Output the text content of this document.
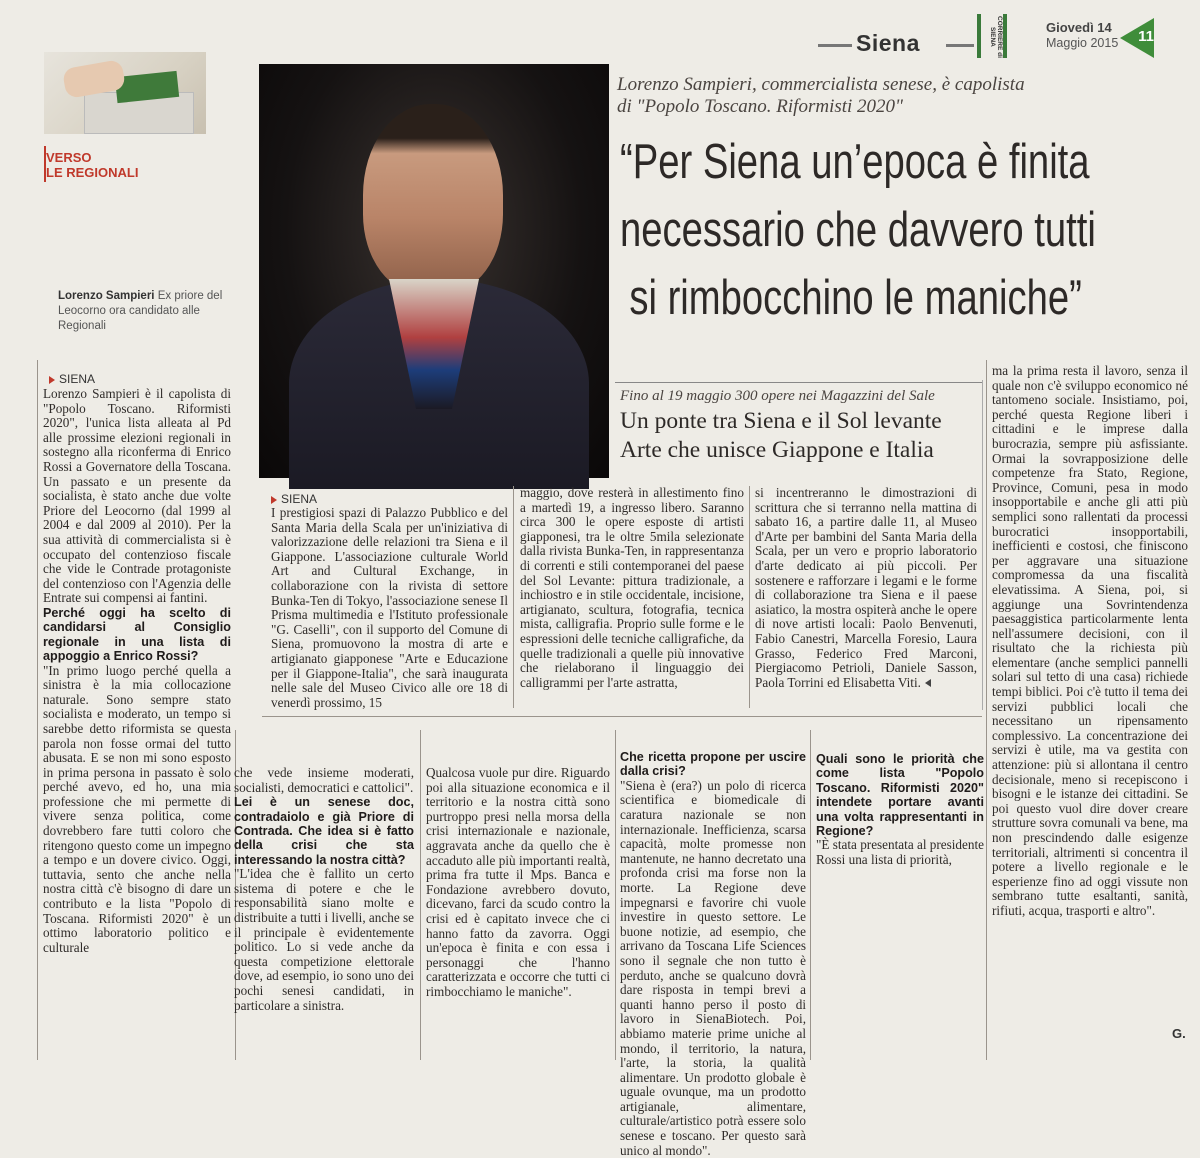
Siena	CORRIERE di SIENA	Giovedì 14
Maggio 2015	11
VERSO
LE REGIONALI
Lorenzo Sampieri Ex priore del Leocorno ora candidato alle Regionali
Lorenzo Sampieri, commercialista senese, è capolista
di "Popolo Toscano. Riformisti 2020"
“Per Siena un’epoca è finita
necessario che davvero tutti
si rimbocchino le maniche”
Fino al 19 maggio 300 opere nei Magazzini del Sale
Un ponte tra Siena e il Sol levante
Arte che unisce Giappone e Italia
SIENA

I prestigiosi spazi di Palazzo Pubblico e del Santa Maria della Scala per un'iniziativa di valorizzazione delle relazioni tra Siena e il Giappone. L'associazione culturale World Art and Cultural Exchange, in collaborazione con la rivista di settore Bunka-Ten di Tokyo, l'associazione senese Il Prisma multimedia e l'Istituto professionale "G. Caselli", con il supporto del Comune di Siena, promuovono la mostra di arte e artigianato giapponese "Arte e Educazione per il Giappone-Italia", che sarà inaugurata nelle sale del Museo Civico alle ore 18 di venerdì prossimo, 15

maggio, dove resterà in allestimento fino a martedì 19, a ingresso libero. Saranno circa 300 le opere esposte di artisti giapponesi, tra le oltre 5mila selezionate dalla rivista Bunka-Ten, in rappresentanza di correnti e stili contemporanei del paese del Sol Levante: pittura tradizionale, a inchiostro e in stile occidentale, incisione, artigianato, scultura, fotografia, tecnica mista, calligrafia. Proprio sulle forme e le espressioni delle tecniche calligrafiche, da quelle tradizionali a quelle più innovative che rielaborano il linguaggio dei calligrammi per l'arte astratta,

si incentreranno le dimostrazioni di scrittura che si terranno nella mattina di sabato 16, a partire dalle 11, al Museo d'Arte per bambini del Santa Maria della Scala, per un vero e proprio laboratorio d'arte dedicato ai più piccoli. Per sostenere e rafforzare i legami e le forme di collaborazione tra Siena e il paese asiatico, la mostra ospiterà anche le opere di nove artisti locali: Paolo Benvenuti, Fabio Canestri, Marcella Foresio, Laura Grasso, Federico Fred Marconi, Piergiacomo Petrioli, Daniele Sasson, Paola Torrini ed Elisabetta Viti.

SIENA

Lorenzo Sampieri è il capolista di "Popolo Toscano. Riformisti 2020", l'unica lista alleata al Pd alle prossime elezioni regionali in sostegno alla riconferma di Enrico Rossi a Governatore della Toscana. Un passato e un presente da socialista, è stato anche due volte Priore del Leocorno (dal 1999 al 2004 e dal 2009 al 2010). Per la sua attività di commercialista si è occupato del contenzioso fiscale che vide le Contrade protagoniste del contenzioso con l'Agenzia delle Entrate sui compensi ai fantini.

Perché oggi ha scelto di candidarsi al Consiglio regionale in una lista di appoggio a Enrico Rossi?

"In primo luogo perché quella a sinistra è la mia collocazione naturale. Sono sempre stato socialista e moderato, un tempo si sarebbe detto riformista se questa parola non fosse ormai del tutto abusata. E se non mi sono esposto in prima persona in passato è solo perché avevo, ed ho, una mia professione che mi permette di vivere senza politica, come dovrebbero fare tutti coloro che ritengono questo come un impegno a tempo e un dovere civico. Oggi, tuttavia, sento che anche nella nostra città c'è bisogno di dare un contributo e la lista "Popolo di Toscana. Riformisti 2020" è un ottimo laboratorio politico e culturale

che vede insieme moderati, socialisti, democratici e cattolici".

Lei è un senese doc, contradaiolo e già Priore di Contrada. Che idea si è fatto della crisi che sta interessando la nostra città?

"L'idea che è fallito un certo sistema di potere e che le responsabilità siano molte e distribuite a tutti i livelli, anche se il principale è evidentemente politico. Lo si vede anche da questa competizione elettorale dove, ad esempio, io sono uno dei pochi senesi candidati, in particolare a sinistra.

Qualcosa vuole pur dire. Riguardo poi alla situazione economica e il territorio e la nostra città sono purtroppo presi nella morsa della crisi internazionale e nazionale, aggravata anche da quello che è accaduto alle più importanti realtà, prima fra tutte il Mps. Banca e Fondazione avrebbero dovuto, dicevano, farci da scudo contro la crisi ed è capitato invece che ci hanno fatto da zavorra. Oggi un'epoca è finita e con essa i personaggi che l'hanno caratterizzata e occorre che tutti ci rimbocchiamo le maniche".

Che ricetta propone per uscire dalla crisi?

"Siena è (era?) un polo di ricerca scientifica e biomedicale di caratura nazionale se non internazionale. Inefficienza, scarsa capacità, molte promesse non mantenute, ne hanno decretato una profonda crisi ma forse non la morte. La Regione deve impegnarsi e favorire chi vuole investire in questo settore. Le buone notizie, ad esempio, che arrivano da Toscana Life Sciences sono il segnale che non tutto è perduto, anche se qualcuno dovrà dare risposta in tempi brevi a quanti hanno perso il posto di lavoro in SienaBiotech. Poi, abbiamo materie prime uniche al mondo, il territorio, la natura, l'arte, la storia, la qualità alimentare. Un prodotto globale è uguale ovunque, ma un prodotto artigianale, alimentare, culturale/artistico potrà essere solo senese e toscano. Per questo sarà unico al mondo".

Quali sono le priorità che come lista "Popolo Toscano. Riformisti 2020" intendete portare avanti una volta rappresentanti in Regione?

"È stata presentata al presidente Rossi una lista di priorità,

ma la prima resta il lavoro, senza il quale non c'è sviluppo economico né tantomeno sociale. Insistiamo, poi, perché questa Regione liberi i cittadini e le imprese dalla burocrazia, sempre più asfissiante. Ormai la sovrapposizione delle competenze fra Stato, Regione, Province, Comuni, pesa in modo insopportabile e anche gli atti più semplici sono rallentati da processi burocratici insopportabili, inefficienti e costosi, che finiscono per aggravare una situazione compromessa da una fiscalità elevatissima. A Siena, poi, si aggiunge una Sovrintendenza paesaggistica particolarmente lenta nell'assumere decisioni, con il risultato che la richiesta più elementare (anche semplici pannelli solari sul tetto di una casa) richiede tempi biblici. Poi c'è tutto il tema dei servizi pubblici locali che necessitano un ripensamento complessivo. La concentrazione dei servizi è utile, ma va gestita con attenzione: più si allontana il centro decisionale, meno si recepiscono i bisogni e le istanze dei cittadini. Se poi questo vuol dire dover creare strutture sovra comunali va bene, ma non prescindendo dalle esigenze territoriali, altrimenti si concentra il potere a livello regionale e le esperienze fino ad oggi vissute non sembrano tutte esaltanti, sanità, rifiuti, acqua, trasporti e altro".

G.
